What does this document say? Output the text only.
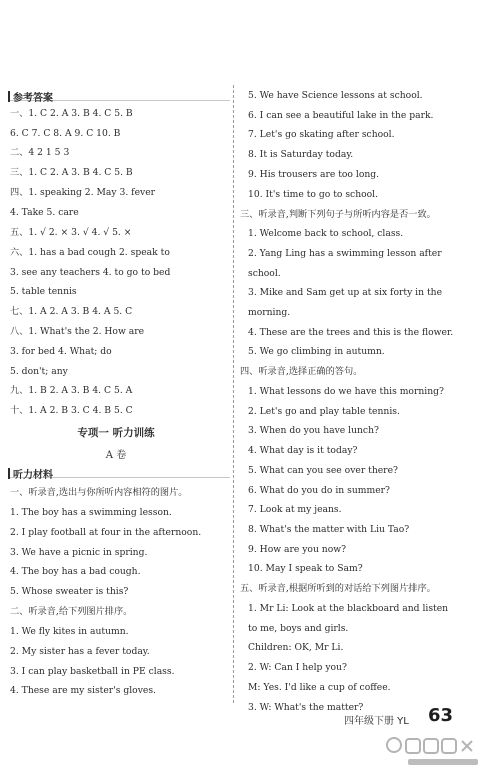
参考答案
一、1. C 2. A 3. B 4. C 5. B
6. C 7. C 8. A 9. C 10. B
二、4 2 1 5 3
三、1. C 2. A 3. B 4. C 5. B
四、1. speaking 2. May 3. fever
4. Take 5. care
五、1. √ 2. × 3. √ 4. √ 5. ×
六、1. has a bad cough 2. speak to
3. see any teachers 4. to go to bed
5. table tennis
七、1. A 2. A 3. B 4. A 5. C
八、1. What's the 2. How are
3. for bed 4. What; do
5. don't; any
九、1. B 2. A 3. B 4. C 5. A
十、1. A 2. B 3. C 4. B 5. C
专项一 听力训练
A 卷
听力材料
一、听录音,选出与你所听内容相符的图片。
1. The boy has a swimming lesson.
2. I play football at four in the afternoon.
3. We have a picnic in spring.
4. The boy has a bad cough.
5. Whose sweater is this?
二、听录音,给下列图片排序。
1. We fly kites in autumn.
2. My sister has a fever today.
3. I can play basketball in PE class.
4. These are my sister's gloves.
5. We have Science lessons at school.
6. I can see a beautiful lake in the park.
7. Let's go skating after school.
8. It is Saturday today.
9. His trousers are too long.
10. It's time to go to school.
三、听录音,判断下列句子与所听内容是否一致。
1. Welcome back to school, class.
2. Yang Ling has a swimming lesson after
school.
3. Mike and Sam get up at six forty in the
morning.
4. These are the trees and this is the flower.
5. We go climbing in autumn.
四、听录音,选择正确的答句。
1. What lessons do we have this morning?
2. Let's go and play table tennis.
3. When do you have lunch?
4. What day is it today?
5. What can you see over there?
6. What do you do in summer?
7. Look at my jeans.
8. What's the matter with Liu Tao?
9. How are you now?
10. May I speak to Sam?
五、听录音,根据所听到的对话给下列图片排序。
1. Mr Li: Look at the blackboard and listen
to me, boys and girls.
Children: OK, Mr Li.
2. W: Can I help you?
M: Yes. I'd like a cup of coffee.
3. W: What's the matter?
四年级下册 YL 63
